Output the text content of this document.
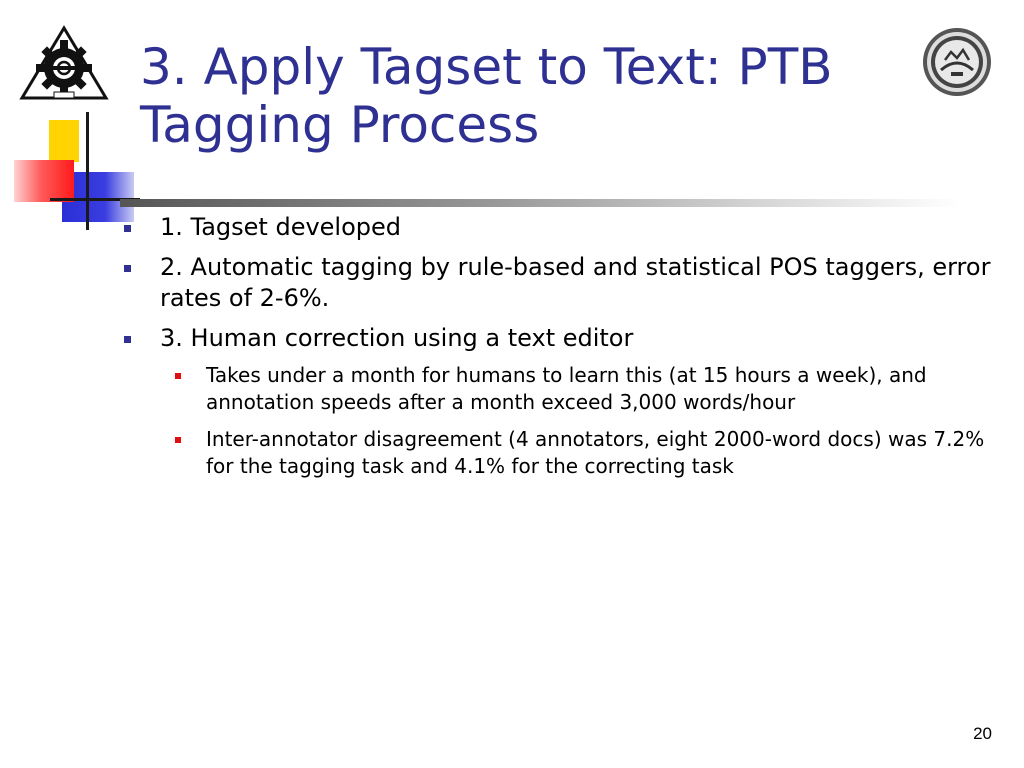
3. Apply Tagset to Text: PTB
Tagging Process
1. Tagset developed
2. Automatic tagging by rule-based and statistical POS taggers, error rates of 2-6%.
3. Human correction using a text editor
Takes under a month for humans to learn this (at 15 hours a week), and annotation speeds after a month exceed 3,000 words/hour
Inter-annotator disagreement (4 annotators, eight 2000-word docs) was 7.2% for the tagging task and 4.1% for the correcting task
20
